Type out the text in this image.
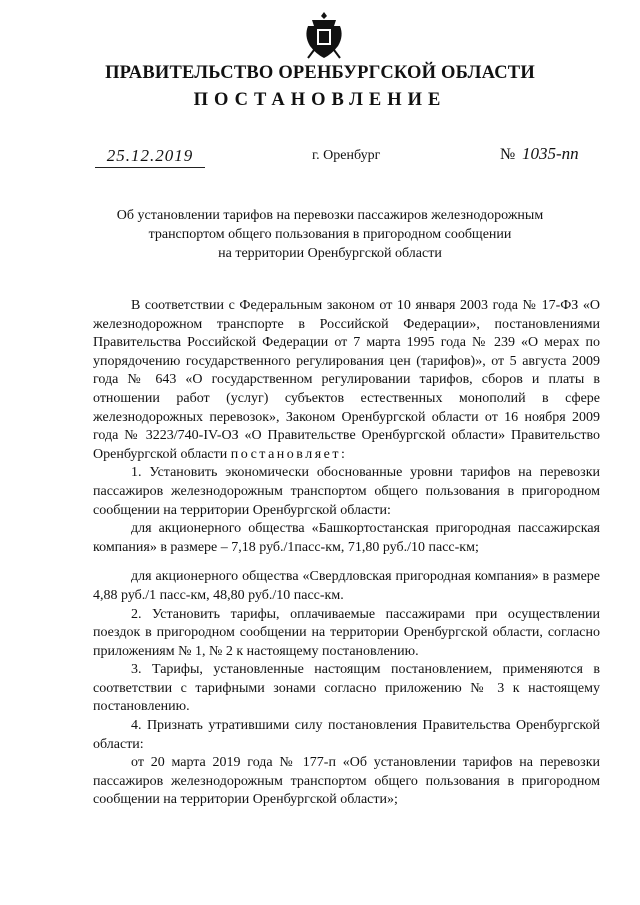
ПРАВИТЕЛЬСТВО ОРЕНБУРГСКОЙ ОБЛАСТИ
ПОСТАНОВЛЕНИЕ
25.12.2019	г. Оренбург	№ 1035-пп
Об установлении тарифов на перевозки пассажиров железнодорожным
транспортом общего пользования в пригородном сообщении
на территории Оренбургской области

В соответствии с Федеральным законом от 10 января 2003 года № 17-ФЗ «О железнодорожном транспорте в Российской Федерации», постановлениями Правительства Российской Федерации от 7 марта 1995 года № 239 «О мерах по упорядочению государственного регулирования цен (тарифов)», от 5 августа 2009 года № 643 «О государственном регулировании тарифов, сборов и платы в отношении работ (услуг) субъектов естественных монополий в сфере железнодорожных перевозок», Законом Оренбургской области от 16 ноября 2009 года № 3223/740-IV-ОЗ «О Правительстве Оренбургской области» Правительство Оренбургской области постановляет:

1. Установить экономически обоснованные уровни тарифов на перевозки пассажиров железнодорожным транспортом общего пользования в пригородном сообщении на территории Оренбургской области:

для акционерного общества «Башкортостанская пригородная пассажирская компания» в размере – 7,18 руб./1пасс-км, 71,80 руб./10 пасс-км;

для акционерного общества «Свердловская пригородная компания» в размере 4,88 руб./1 пасс-км, 48,80 руб./10 пасс-км.

2. Установить тарифы, оплачиваемые пассажирами при осуществлении поездок в пригородном сообщении на территории Оренбургской области, согласно приложениям № 1, № 2 к настоящему постановлению.

3. Тарифы, установленные настоящим постановлением, применяются в соответствии с тарифными зонами согласно приложению № 3 к настоящему постановлению.

4. Признать утратившими силу постановления Правительства Оренбургской области:

от 20 марта 2019 года № 177-п «Об установлении тарифов на перевозки пассажиров железнодорожным транспортом общего пользования в пригородном сообщении на территории Оренбургской области»;
